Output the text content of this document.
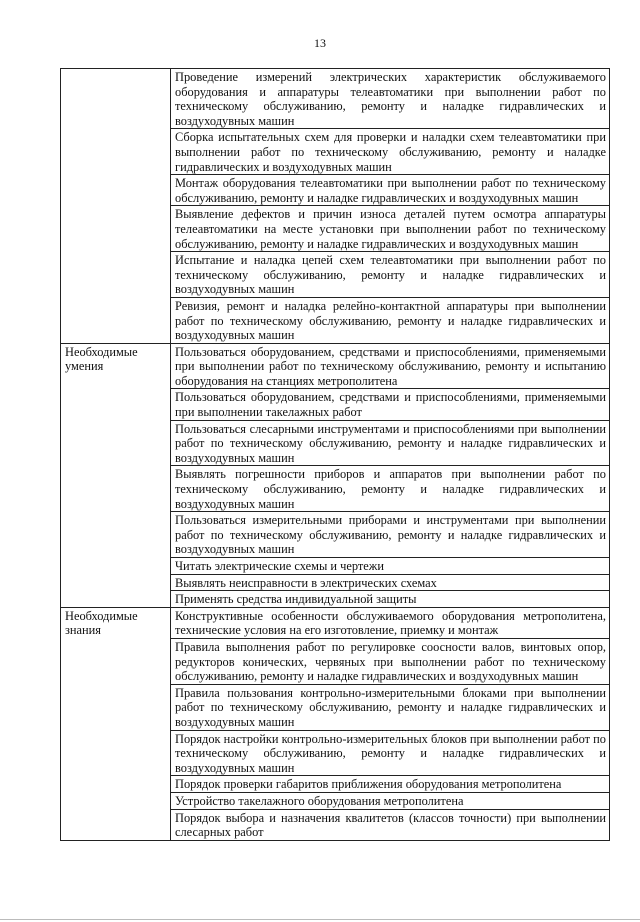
13
	Проведение измерений электрических характеристик обслуживаемого оборудования и аппаратуры телеавтоматики при выполнении работ по техническому обслуживанию, ремонту и наладке гидравлических и воздуходувных машин
	Сборка испытательных схем для проверки и наладки схем телеавтоматики при выполнении работ по техническому обслуживанию, ремонту и наладке гидравлических и воздуходувных машин
	Монтаж оборудования телеавтоматики при выполнении работ по техническому обслуживанию, ремонту и наладке гидравлических и воздуходувных машин
	Выявление дефектов и причин износа деталей путем осмотра аппаратуры телеавтоматики на месте установки при выполнении работ по техническому обслуживанию, ремонту и наладке гидравлических и воздуходувных машин
	Испытание и наладка цепей схем телеавтоматики при выполнении работ по техническому обслуживанию, ремонту и наладке гидравлических и воздуходувных машин
	Ревизия, ремонт и наладка релейно-контактной аппаратуры при выполнении работ по техническому обслуживанию, ремонту и наладке гидравлических и воздуходувных машин
Необходимые умения	Пользоваться оборудованием, средствами и приспособлениями, применяемыми при выполнении работ по техническому обслуживанию, ремонту и испытанию оборудования на станциях метрополитена
	Пользоваться оборудованием, средствами и приспособлениями, применяемыми при выполнении такелажных работ
	Пользоваться слесарными инструментами и приспособлениями при выполнении работ по техническому обслуживанию, ремонту и наладке гидравлических и воздуходувных машин
	Выявлять погрешности приборов и аппаратов при выполнении работ по техническому обслуживанию, ремонту и наладке гидравлических и воздуходувных машин
	Пользоваться измерительными приборами и инструментами при выполнении работ по техническому обслуживанию, ремонту и наладке гидравлических и воздуходувных машин
	Читать электрические схемы и чертежи
	Выявлять неисправности в электрических схемах
	Применять средства индивидуальной защиты
Необходимые знания	Конструктивные особенности обслуживаемого оборудования метрополитена, технические условия на его изготовление, приемку и монтаж
	Правила выполнения работ по регулировке соосности валов, винтовых опор, редукторов конических, червяных при выполнении работ по техническому обслуживанию, ремонту и наладке гидравлических и воздуходувных машин
	Правила пользования контрольно-измерительными блоками при выполнении работ по техническому обслуживанию, ремонту и наладке гидравлических и воздуходувных машин
	Порядок настройки контрольно-измерительных блоков при выполнении работ по техническому обслуживанию, ремонту и наладке гидравлических и воздуходувных машин
	Порядок проверки габаритов приближения оборудования метрополитена
	Устройство такелажного оборудования метрополитена
	Порядок выбора и назначения квалитетов (классов точности) при выполнении слесарных работ
